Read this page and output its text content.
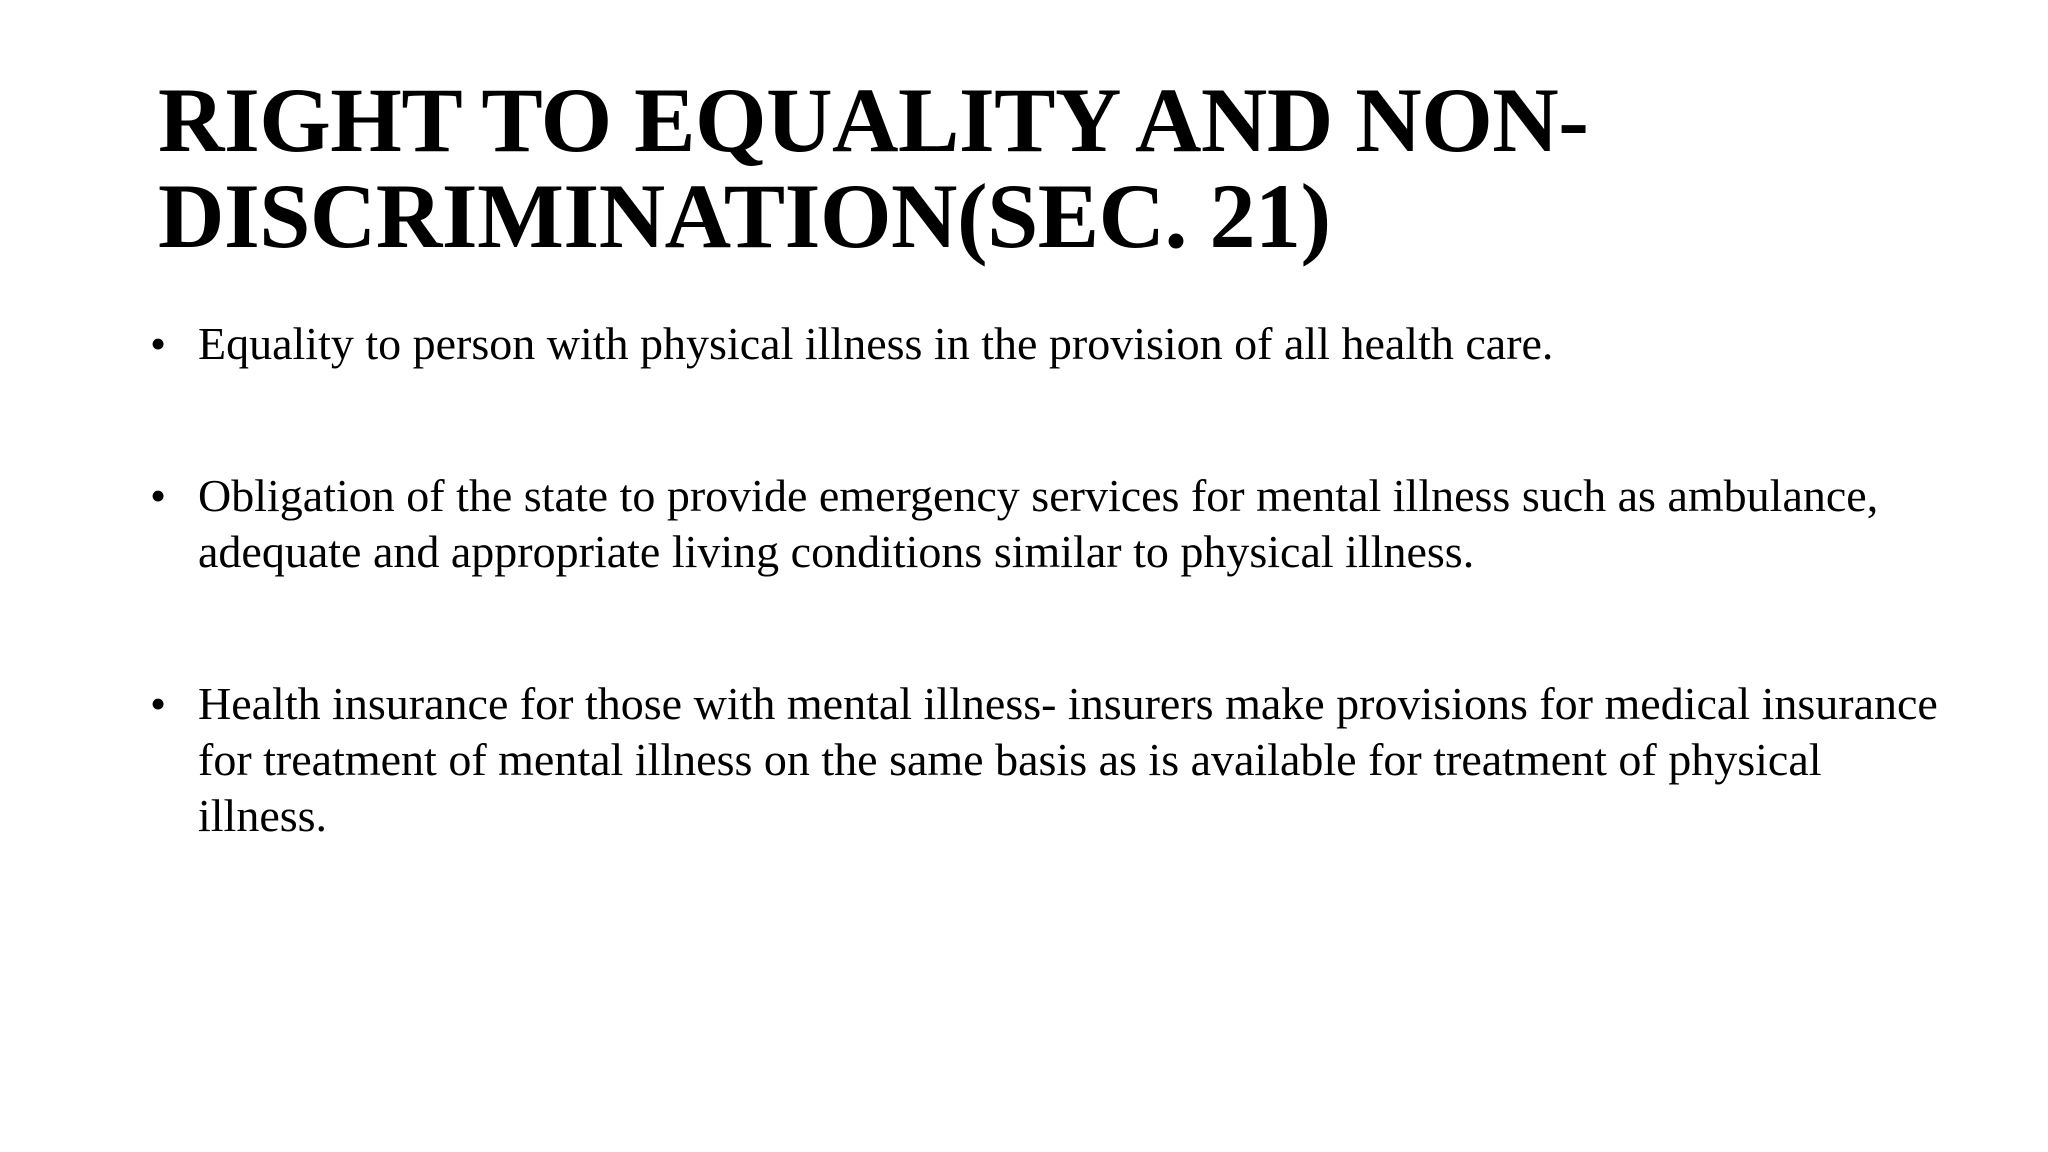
RIGHT TO EQUALITY AND NON-DISCRIMINATION(SEC. 21)
• Equality to person with physical illness in the provision of all health care.
• Obligation of the state to provide emergency services for mental illness such as ambulance, adequate and appropriate living conditions similar to physical illness.
• Health insurance for those with mental illness- insurers make provisions for medical insurance for treatment of mental illness on the same basis as is available for treatment of physical illness.
